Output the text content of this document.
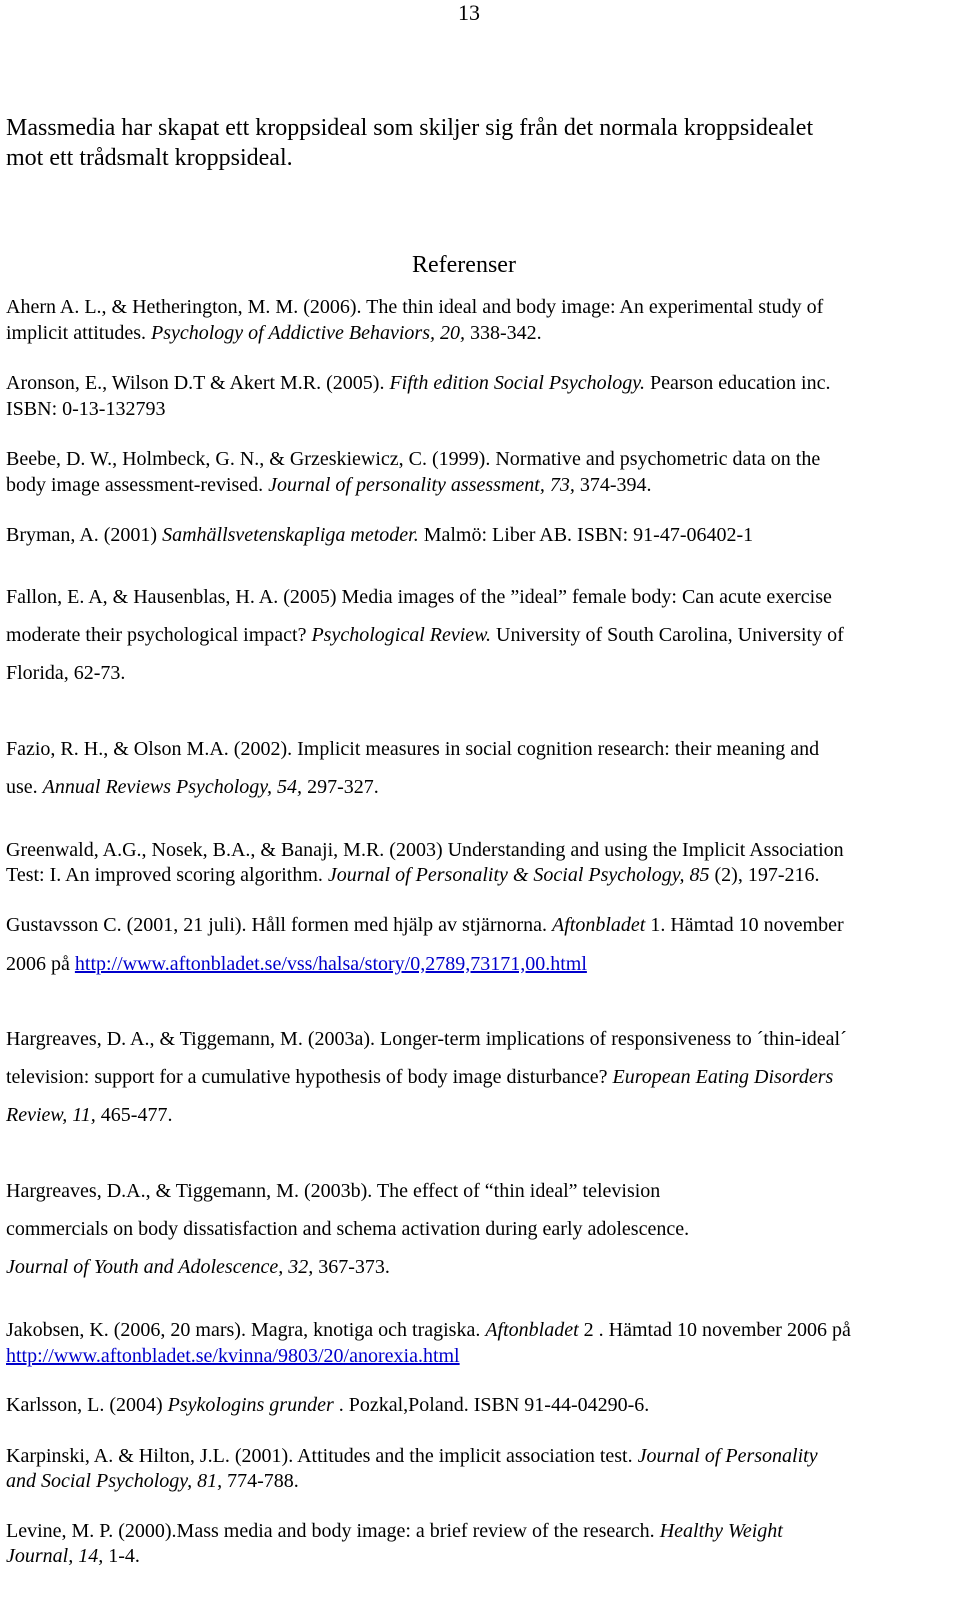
13
Massmedia har skapat ett kroppsideal som skiljer sig från det normala kroppsidealet
mot ett trådsmalt kroppsideal.
Referenser
Ahern A. L., & Hetherington, M. M. (2006). The thin ideal and body image: An experimental study of
implicit attitudes. Psychology of Addictive Behaviors, 20, 338-342.
Aronson, E., Wilson D.T & Akert M.R. (2005). Fifth edition Social Psychology. Pearson education inc.
ISBN: 0-13-132793
Beebe, D. W., Holmbeck, G. N., & Grzeskiewicz, C. (1999). Normative and psychometric data on the
body image assessment-revised. Journal of personality assessment, 73, 374-394.
Bryman, A. (2001) Samhällsvetenskapliga metoder. Malmö: Liber AB. ISBN: 91-47-06402-1
Fallon, E. A, & Hausenblas, H. A. (2005) Media images of the ”ideal” female body: Can acute exercise
moderate their psychological impact? Psychological Review. University of South Carolina, University of
Florida, 62-73.
Fazio, R. H., & Olson M.A. (2002). Implicit measures in social cognition research: their meaning and
use. Annual Reviews Psychology, 54, 297-327.
Greenwald, A.G., Nosek, B.A., & Banaji, M.R. (2003) Understanding and using the Implicit Association
Test: I. An improved scoring algorithm. Journal of Personality & Social Psychology, 85 (2), 197-216.
Gustavsson C. (2001, 21 juli). Håll formen med hjälp av stjärnorna. Aftonbladet 1. Hämtad 10 november
2006 på http://www.aftonbladet.se/vss/halsa/story/0,2789,73171,00.html
Hargreaves, D. A., & Tiggemann, M. (2003a). Longer-term implications of responsiveness to ´thin-ideal´
television: support for a cumulative hypothesis of body image disturbance? European Eating Disorders
Review, 11, 465-477.
Hargreaves, D.A., & Tiggemann, M. (2003b). The effect of “thin ideal” television
commercials on body dissatisfaction and schema activation during early adolescence.
Journal of Youth and Adolescence, 32, 367-373.
Jakobsen, K. (2006, 20 mars). Magra, knotiga och tragiska. Aftonbladet 2 . Hämtad 10 november 2006 på
http://www.aftonbladet.se/kvinna/9803/20/anorexia.html
Karlsson, L. (2004) Psykologins grunder . Pozkal,Poland. ISBN 91-44-04290-6.
Karpinski, A. & Hilton, J.L. (2001). Attitudes and the implicit association test. Journal of Personality
and Social Psychology, 81, 774-788.
Levine, M. P. (2000).Mass media and body image: a brief review of the research. Healthy Weight
Journal, 14, 1-4.
